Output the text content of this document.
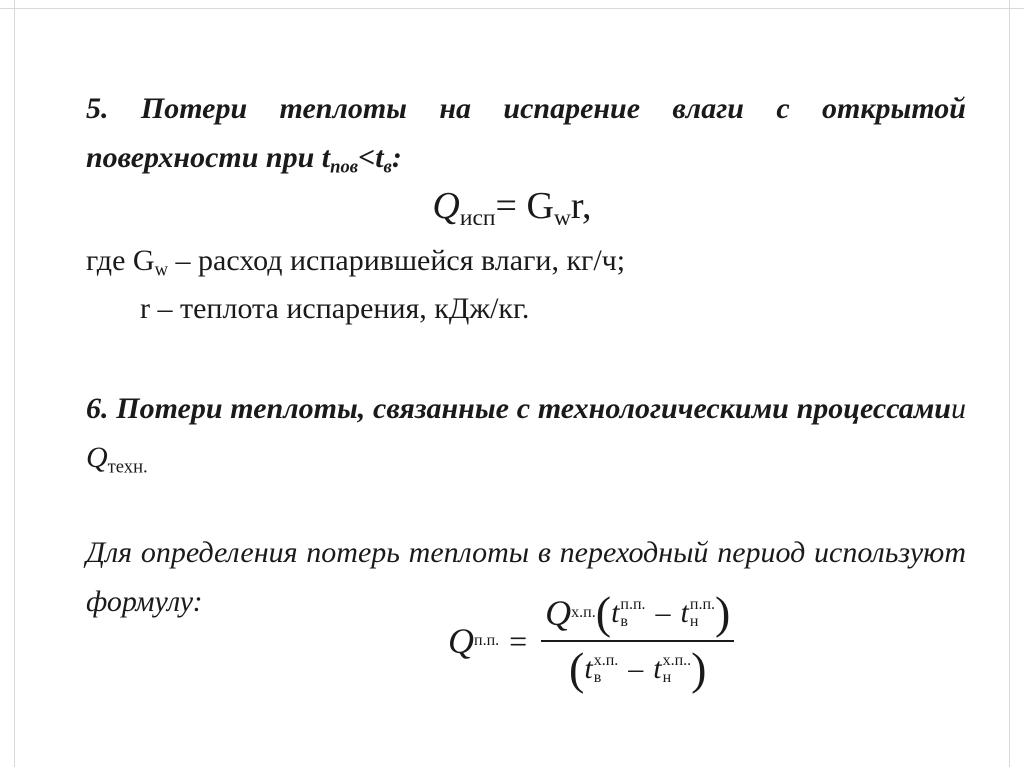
5. Потери теплоты на испарение влаги с открытой поверхности при $t_{пов}<t_в$:
$Q_{исп}= G_wr$,
где $G_w$ – расход испарившейся влаги, кг/ч;
r – теплота испарения, кДж/кг.
6. Потери теплоты, связанные с технологическими процессамии $Q_{техн.}$
Для определения потерь теплоты в переходный период используют формулу:
Q п.п. =
Q х.п. ( t п.п.
в – t п.п.
н )
( t х.п.
в – t х.п..
н )
